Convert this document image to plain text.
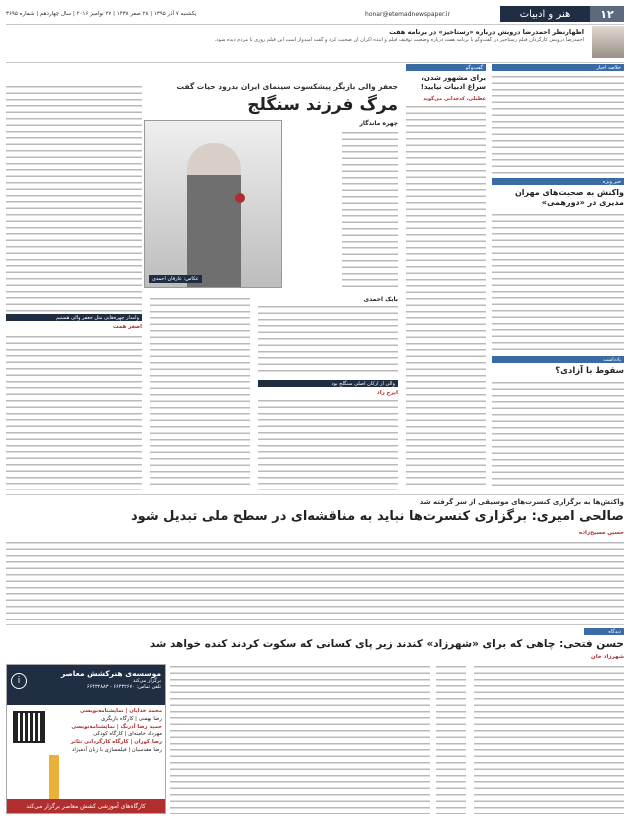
۱۲
هنر و ادبیات
honar@etemadnewspaper.ir
یکشنبه ۷ آذر ۱۳۹۵ | ۲۸ صفر ۱۴۳۸ | ۲۷ نوامبر ۲۰۱۶ | سال چهاردهم | شماره ۳۶۹۵
اظهارنظر احمدرضا درویش درباره «رستاخیز» در برنامه هفت
احمدرضا درویش کارگردان فیلم رستاخیز در گفت‌وگو با برنامه هفت درباره وضعیت توقیف فیلم و آینده اکران آن صحبت کرد و گفت امیدوار است این فیلم روزی با مردم دیده شود.
خلاصه اخبار
خبر ویژه
واکنش به صحبت‌های مهران مدیری در «دورهمی»
یادداشت
سقوط با آزادی؟
گفت‌وگو
برای مشهور شدن، سراغ ادبیات نیایید!
عطیلی، کدخدایی می‌گوید
جعفر والی بازیگر پیشکسوت سینمای ایران بدرود حیات گفت
مرگ فرزند سنگلج
چهره ماندگار
عکاس: عارفان احمدی
وامدار چهره‌هایی مثل جعفر والی هستیم
اصغر همت
بابک احمدی
والی از ارکان اصلی سنگلج بود
ایرج راد
واکنش‌ها به برگزاری کنسرت‌های موسیقی از سر گرفته شد
صالحی امیری: برگزاری کنسرت‌ها نباید به مناقشه‌ای در سطح ملی تبدیل شود
حسین مسیح‌زاده
دیدگاه
حسن فتحی: چاهی که برای «شهرزاد» کندند زیر پای کسانی که سکوت کردند کنده خواهد شد
شهرزاد خان
i
موسسه‌ی هنرکشش معاصر
برگزار می‌کند
تلفن تماس: ۶۶۴۳۲۶۷۰ - ۶۶۴۳۲۸۸۳
محمد خدایان | نمایشنامه‌نویسی
رضا بهمنی | کارگاه بازیگری
حمید رضا آذرنگ | نمایشنامه‌نویسی
مهرداد خامنه‌ای | کارگاه کودکی
رضا کوران | کارگاه کارگردانی تئاتر
رضا مقدسیان | فیلمسازی با زبان آدمیزاد
کارگاه‌های آموزشی کشش معاصر برگزار می‌کند
